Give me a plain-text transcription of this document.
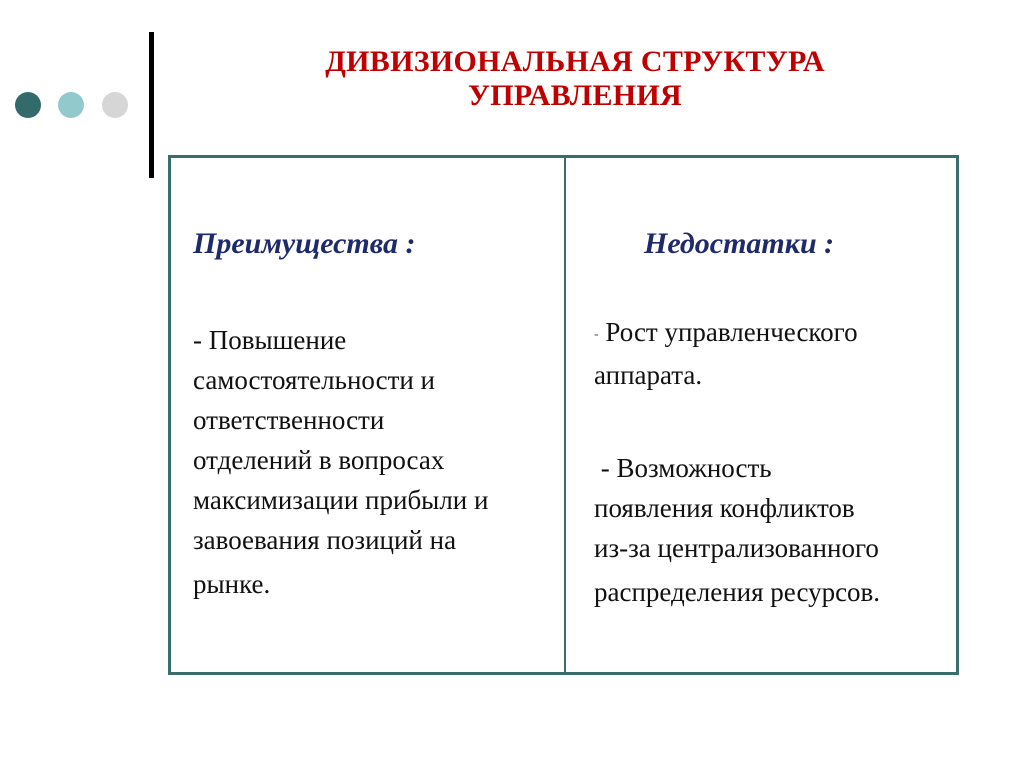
ДИВИЗИОНАЛЬНАЯ СТРУКТУРА
УПРАВЛЕНИЯ
Преимущества :
- Повышение
самостоятельности и
ответственности
отделений в вопросах
максимизации прибыли и
завоевания позиций на
рынке.
Недостатки :
- Рост управленческого
аппарата.
- Возможность
появления конфликтов
из-за централизованного
распределения ресурсов.
